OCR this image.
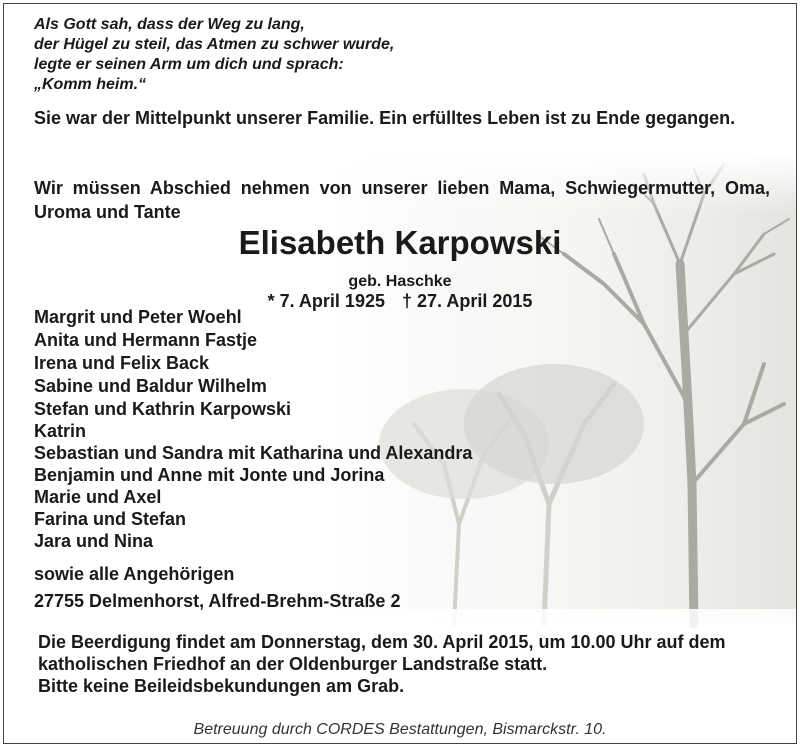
Als Gott sah, dass der Weg zu lang,
der Hügel zu steil, das Atmen zu schwer wurde,
legte er seinen Arm um dich und sprach:
„Komm heim.“
Sie war der Mittelpunkt unserer Familie. Ein erfülltes Leben ist zu Ende gegangen.
Wir müssen Abschied nehmen von unserer lieben Mama, Schwiegermutter, Oma, Uroma und Tante
Elisabeth Karpowski
geb. Haschke
* 7. April 1925 † 27. April 2015
Margrit und Peter Woehl
Anita und Hermann Fastje
Irena und Felix Back
Sabine und Baldur Wilhelm
Stefan und Kathrin Karpowski
Katrin
Sebastian und Sandra mit Katharina und Alexandra
Benjamin und Anne mit Jonte und Jorina
Marie und Axel
Farina und Stefan
Jara und Nina
sowie alle Angehörigen
27755 Delmenhorst, Alfred-Brehm-Straße 2
Die Beerdigung findet am Donnerstag, dem 30. April 2015, um 10.00 Uhr auf dem
katholischen Friedhof an der Oldenburger Landstraße statt.
Bitte keine Beileidsbekundungen am Grab.
Betreuung durch CORDES Bestattungen, Bismarckstr. 10.
